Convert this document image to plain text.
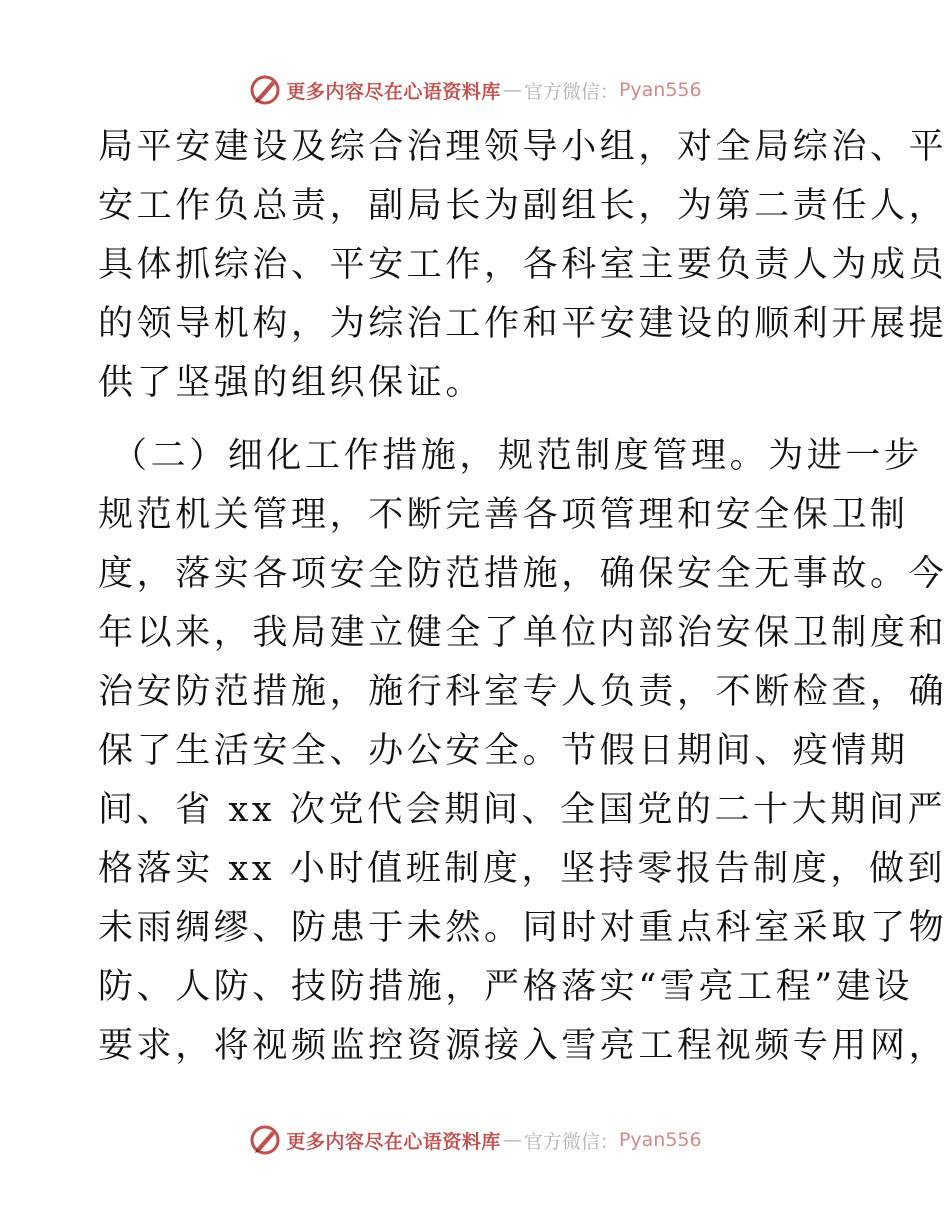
更多内容尽在心语资料库 — 官方微信： Pyan556
局平安建设及综合治理领导小组，对全局综治、平
安工作负总责，副局长为副组长，为第二责任人，
具体抓综治、平安工作，各科室主要负责人为成员
的领导机构，为综治工作和平安建设的顺利开展提
供了坚强的组织保证。
（二）细化工作措施，规范制度管理。为进一步
规范机关管理，不断完善各项管理和安全保卫制
度，落实各项安全防范措施，确保安全无事故。今
年以来，我局建立健全了单位内部治安保卫制度和
治安防范措施，施行科室专人负责，不断检查，确
保了生活安全、办公安全。节假日期间、疫情期
间、省 xx 次党代会期间、全国党的二十大期间严
格落实 xx 小时值班制度，坚持零报告制度，做到
未雨绸缪、防患于未然。同时对重点科室采取了物
防、人防、技防措施，严格落实“雪亮工程”建设
要求，将视频监控资源接入雪亮工程视频专用网，
更多内容尽在心语资料库 — 官方微信： Pyan556
